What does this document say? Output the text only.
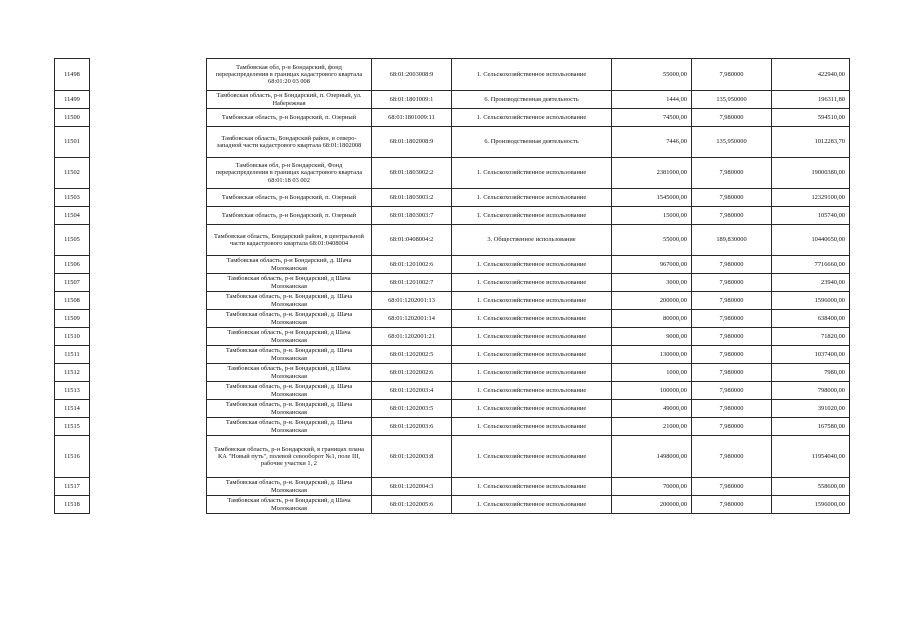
11498		Тамбовская обл, р-н Бондарский, фонд перераспределения в границах кадастрового квартала 68:01:20 03 008	68:01:2003008:9	1. Сельскохозяйственное использование	55000,00	7,980000	422940,00
11499		Тамбовская область, р-н Бондарский, п. Озерный, ул. Набережная	68:01:1801009:1	6. Производственная деятельность	1444,00	135,950000	196311,80
11500		Тамбовская область, р-н Бондарский, п. Озерный	68:01:1801009:11	1. Сельскохозяйственное использование	74500,00	7,980000	594510,00
11501		Тамбовская область, Бондарский район, в северо-западной части кадастрового квартала 68:01:1802008	68:01:1802008:9	6. Производственная деятельность	7446,00	135,950000	1012283,70
11502		Тамбовская обл, р-н Бондарский, Фонд перераспределения в границах кадастрового квартала 68:01:18 03 002	68:01:1803002:2	1. Сельскохозяйственное использование	2381000,00	7,980000	19000380,00
11503		Тамбовская область, р-н Бондарский, п. Озерный	68:01:1803003:2	1. Сельскохозяйственное использование	1545000,00	7,980000	12329100,00
11504		Тамбовская область, р-н Бондарский, п. Озерный	68:01:1803003:7	1. Сельскохозяйственное использование	15000,00	7,980000	105740,00
11505		Тамбовская область, Бондарский район, в центральной части кадастрового квартала 68:01:0408004	68:01:0408004:2	3. Общественное использование	55000,00	189,830000	10440650,00
11506		Тамбовская область, р-н Бондарский, д. Шача Молоканская	68:01:1201002:6	1. Сельскохозяйственное использование	967000,00	7,980000	7716660,00
11507		Тамбовская область, р-н Бондарский, д Шача Молоканская	68:01:1201002:7	1. Сельскохозяйственное использование	3000,00	7,980000	23940,00
11508		Тамбовская область, р-н. Бондарский, д. Шача Молоканская	68:01:1202001:13	1. Сельскохозяйственное использование	200000,00	7,980000	1596000,00
11509		Тамбовская область, р-н. Бондарский, д. Шача Молоканская	68:01:1202001:14	1. Сельскохозяйственное использование	80000,00	7,980000	638400,00
11510		Тамбовская область, р-н Бондарский, д Шача Молоканская	68:01:1202001:21	1. Сельскохозяйственное использование	9000,00	7,980000	71820,00
11511		Тамбовская область, р-н. Бондарский, д. Шача Молоканская	68:01:1202002:5	1. Сельскохозяйственное использование	130000,00	7,980000	1037400,00
11512		Тамбовская область, р-н Бондарский, д Шача Молоканская	68:01:1202002:6	1. Сельскохозяйственное использование	1000,00	7,980000	7980,00
11513		Тамбовская область, р-н. Бондарский, д. Шача Молоканская	68:01:1202003:4	1. Сельскохозяйственное использование	100000,00	7,980000	798000,00
11514		Тамбовская область, р-н. Бондарский, д. Шача Молоканская	68:01:1202003:5	1. Сельскохозяйственное использование	49000,00	7,980000	391020,00
11515		Тамбовская область, р-н. Бондарский, д. Шача Молоканская	68:01:1202003:6	1. Сельскохозяйственное использование	21000,00	7,980000	167580,00
11516		Тамбовская область, р-н Бондарский, в границах плана КА "Новый путь", полевой севооборот №1, поле III, рабочие участки 1, 2	68:01:1202003:8	1. Сельскохозяйственное использование	1498000,00	7,980000	11954040,00
11517		Тамбовская область, р-н. Бондарский, д. Шача Молоканская	68:01:1202004:3	1. Сельскохозяйственное использование	70000,00	7,980000	558600,00
11518		Тамбовская область, р-н Бондарский, д Шача Молоканская	68:01:1202005:6	1. Сельскохозяйственное использование	200000,00	7,980000	1596000,00
